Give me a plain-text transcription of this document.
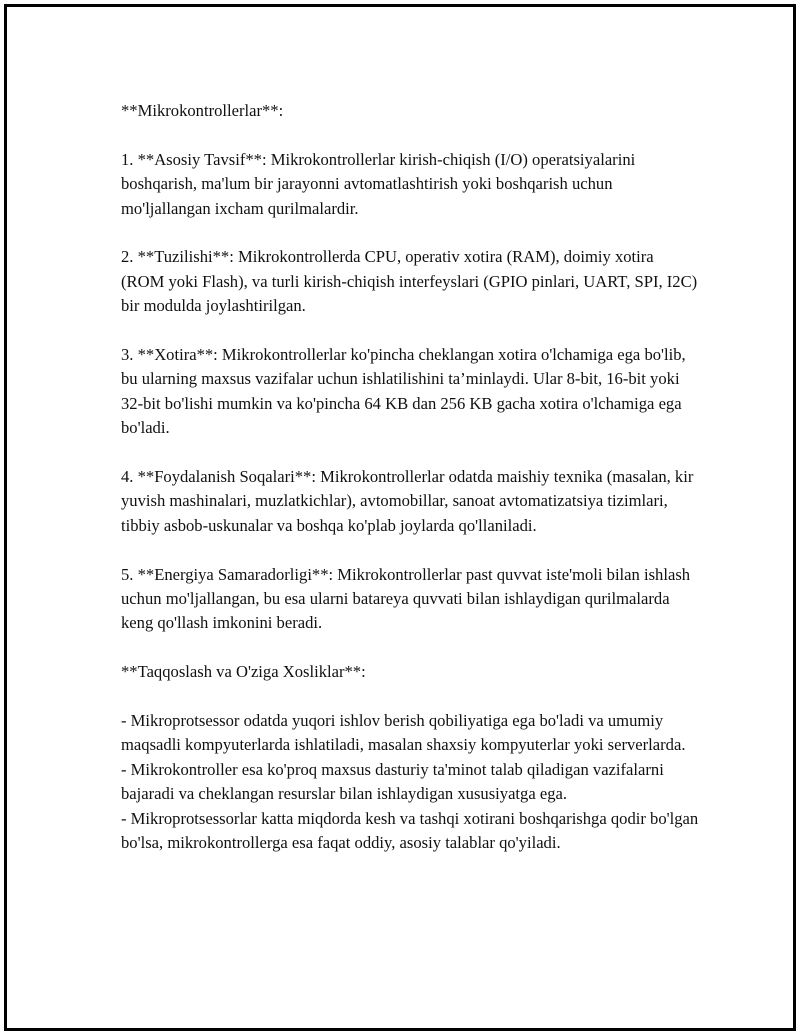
**Mikrokontrollerlar**:

1. **Asosiy Tavsif**: Mikrokontrollerlar kirish-chiqish (I/O) operatsiyalarini boshqarish, ma'lum bir jarayonni avtomatlashtirish yoki boshqarish uchun mo'ljallangan ixcham qurilmalardir.

2. **Tuzilishi**: Mikrokontrollerda CPU, operativ xotira (RAM), doimiy xotira (ROM yoki Flash), va turli kirish-chiqish interfeyslari (GPIO pinlari, UART, SPI, I2C) bir modulda joylashtirilgan.

3. **Xotira**: Mikrokontrollerlar ko'pincha cheklangan xotira o'lchamiga ega bo'lib, bu ularning maxsus vazifalar uchun ishlatilishini ta’minlaydi. Ular 8-bit, 16-bit yoki 32-bit bo'lishi mumkin va ko'pincha 64 KB dan 256 KB gacha xotira o'lchamiga ega bo'ladi.

4. **Foydalanish Soqalari**: Mikrokontrollerlar odatda maishiy texnika (masalan, kir yuvish mashinalari, muzlatkichlar), avtomobillar, sanoat avtomatizatsiya tizimlari, tibbiy asbob-uskunalar va boshqa ko'plab joylarda qo'llaniladi.

5. **Energiya Samaradorligi**: Mikrokontrollerlar past quvvat iste'moli bilan ishlash uchun mo'ljallangan, bu esa ularni batareya quvvati bilan ishlaydigan qurilmalarda keng qo'llash imkonini beradi.

**Taqqoslash va O'ziga Xosliklar**:

- Mikroprotsessor odatda yuqori ishlov berish qobiliyatiga ega bo'ladi va umumiy maqsadli kompyuterlarda ishlatiladi, masalan shaxsiy kompyuterlar yoki serverlarda.
- Mikrokontroller esa ko'proq maxsus dasturiy ta'minot talab qiladigan vazifalarni bajaradi va cheklangan resurslar bilan ishlaydigan xususiyatga ega.
- Mikroprotsessorlar katta miqdorda kesh va tashqi xotirani boshqarishga qodir bo'lgan bo'lsa, mikrokontrollerga esa faqat oddiy, asosiy talablar qo'yiladi.
